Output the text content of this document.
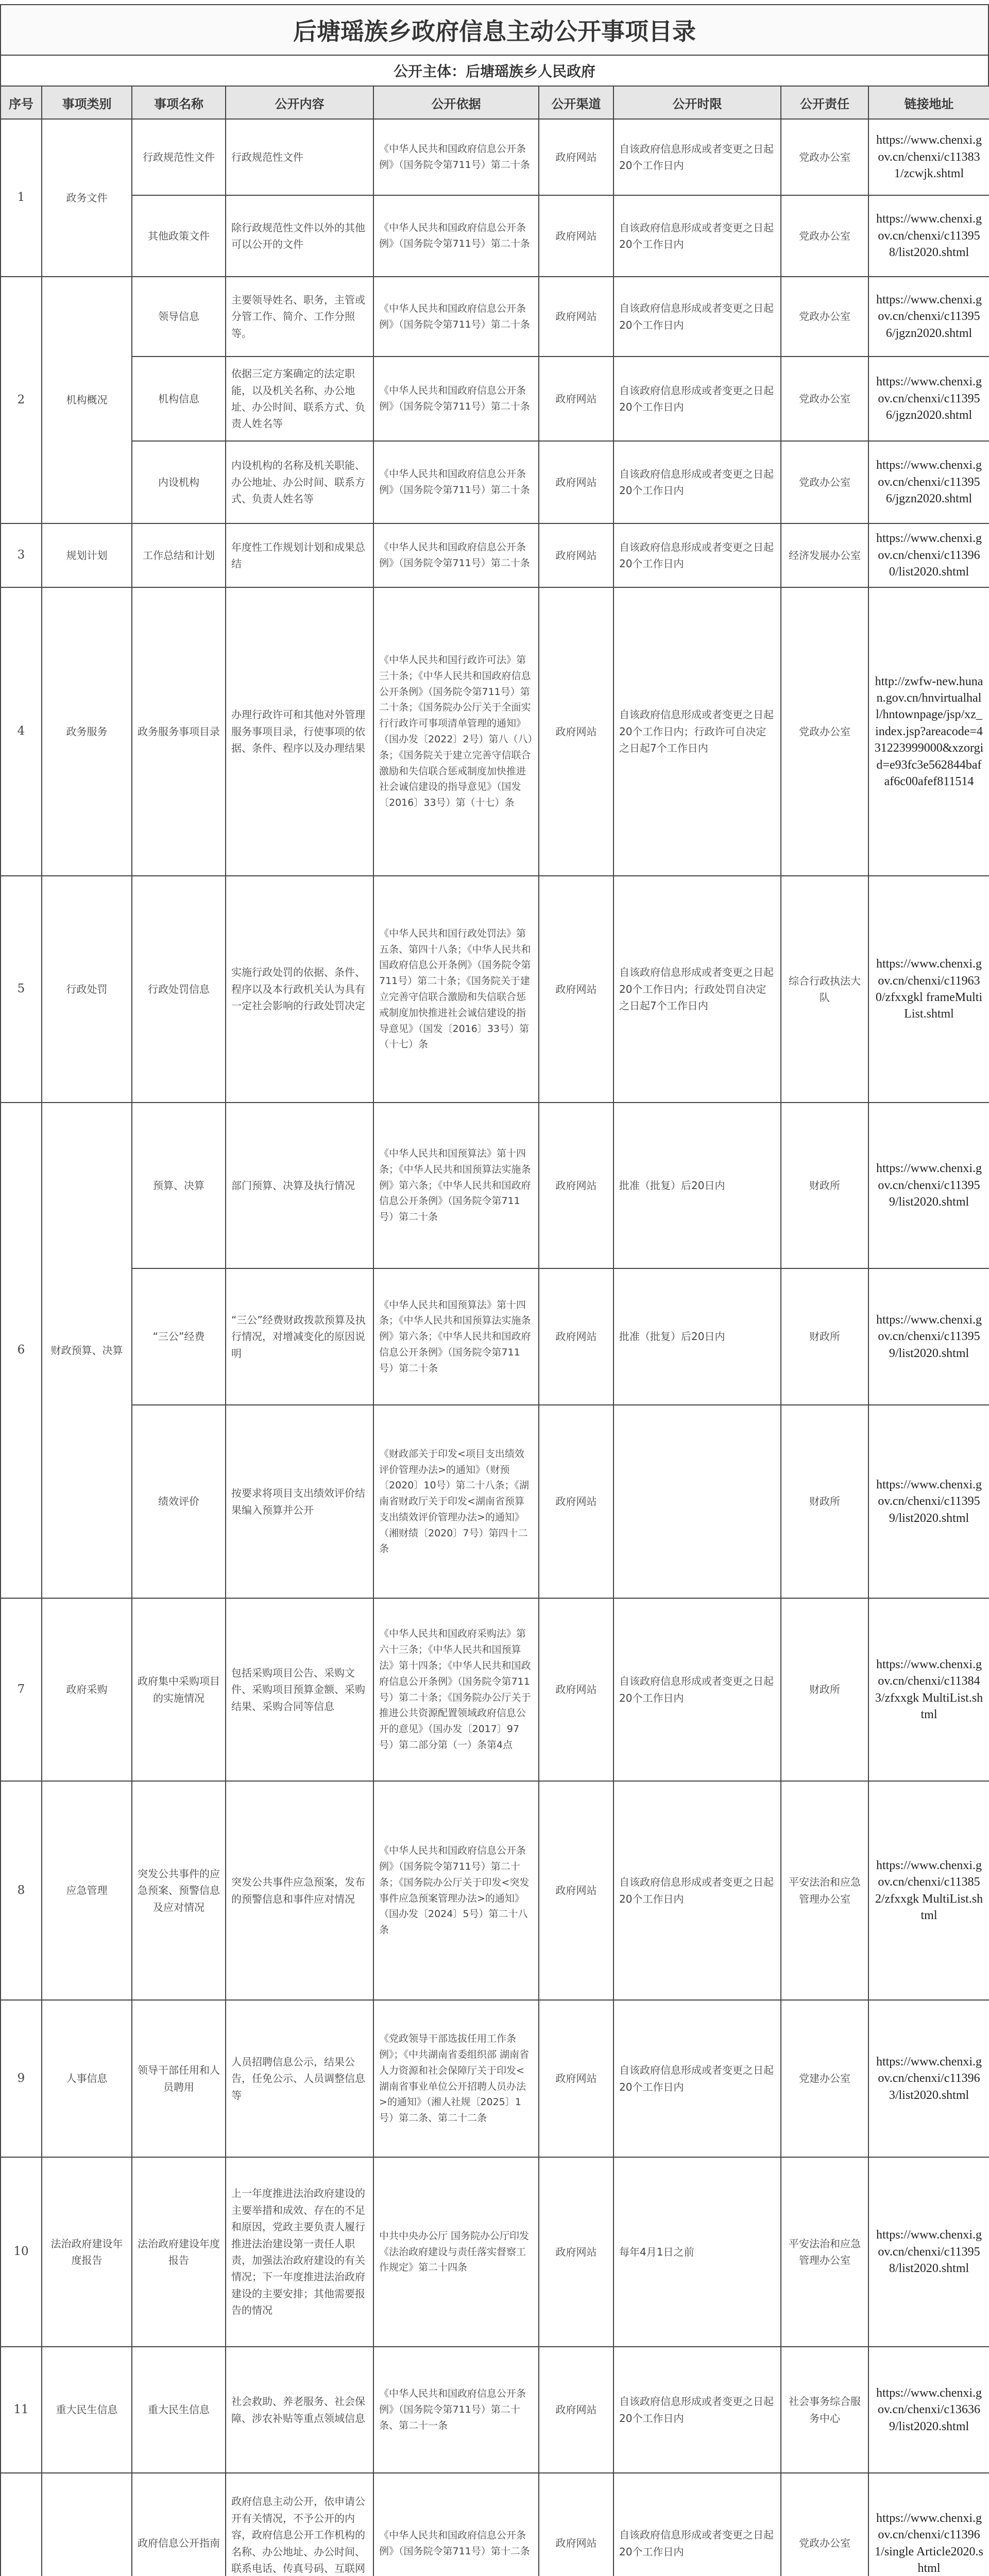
后塘瑶族乡政府信息主动公开事项目录
公开主体：后塘瑶族乡人民政府
序号	事项类别	事项名称	公开内容	公开依据	公开渠道	公开时限	公开责任	链接地址
1	政务文件	行政规范性文件	行政规范性文件	《中华人民共和国政府信息公开条例》（国务院令第711号）第二十条	政府网站	自该政府信息形成或者变更之日起20个工作日内	党政办公室	https://www.chenxi.gov.cn/chenxi/c113831/zcwjk.shtml
		其他政策文件	除行政规范性文件以外的其他可以公开的文件	《中华人民共和国政府信息公开条例》（国务院令第711号）第二十条	政府网站	自该政府信息形成或者变更之日起20个工作日内	党政办公室	https://www.chenxi.gov.cn/chenxi/c113958/list2020.shtml
2	机构概况	领导信息	主要领导姓名、职务，主管或分管工作、简介、工作分照等。	《中华人民共和国政府信息公开条例》（国务院令第711号）第二十条	政府网站	自该政府信息形成或者变更之日起20个工作日内	党政办公室	https://www.chenxi.gov.cn/chenxi/c113956/jgzn2020.shtml
		机构信息	依据三定方案确定的法定职能，以及机关名称、办公地址、办公时间、联系方式、负责人姓名等	《中华人民共和国政府信息公开条例》（国务院令第711号）第二十条	政府网站	自该政府信息形成或者变更之日起20个工作日内	党政办公室	https://www.chenxi.gov.cn/chenxi/c113956/jgzn2020.shtml
		内设机构	内设机构的名称及机关职能、办公地址、办公时间、联系方式、负责人姓名等	《中华人民共和国政府信息公开条例》（国务院令第711号）第二十条	政府网站	自该政府信息形成或者变更之日起20个工作日内	党政办公室	https://www.chenxi.gov.cn/chenxi/c113956/jgzn2020.shtml
3	规划计划	工作总结和计划	年度性工作规划计划和成果总结	《中华人民共和国政府信息公开条例》（国务院令第711号）第二十条	政府网站	自该政府信息形成或者变更之日起20个工作日内	经济发展办公室	https://www.chenxi.gov.cn/chenxi/c113960/list2020.shtml
4	政务服务	政务服务事项目录	办理行政许可和其他对外管理服务事项目录，行使事项的依据、条件、程序以及办理结果	《中华人民共和国行政许可法》第三十条；《中华人民共和国政府信息公开条例》（国务院令第711号）第二十条；《国务院办公厅关于全面实行行政许可事项清单管理的通知》（国办发〔2022〕2号）第八（八）条；《国务院关于建立完善守信联合激励和失信联合惩戒制度加快推进社会诚信建设的指导意见》（国发〔2016〕33号）第（十七）条	政府网站	自该政府信息形成或者变更之日起20个工作日内；行政许可自决定之日起7个工作日内	党政办公室	http://zwfw-new.hunan.gov.cn/hnvirtualhall/hntownpage/jsp/xz_index.jsp?areacode=431223999000&xzorgid=e93fc3e562844baf af6c00afef811514
5	行政处罚	行政处罚信息	实施行政处罚的依据、条件、程序以及本行政机关认为具有一定社会影响的行政处罚决定	《中华人民共和国行政处罚法》第五条、第四十八条；《中华人民共和国政府信息公开条例》（国务院令第711号）第二十条；《国务院关于建立完善守信联合激励和失信联合惩戒制度加快推进社会诚信建设的指导意见》（国发〔2016〕33号）第（十七）条	政府网站	自该政府信息形成或者变更之日起20个工作日内；行政处罚自决定之日起7个工作日内	综合行政执法大队	https://www.chenxi.gov.cn/chenxi/c119630/zfxxgkl frameMultiList.shtml
6	财政预算、决算	预算、决算	部门预算、决算及执行情况	《中华人民共和国预算法》第十四条；《中华人民共和国预算法实施条例》第六条；《中华人民共和国政府信息公开条例》（国务院令第711号）第二十条	政府网站	批准（批复）后20日内	财政所	https://www.chenxi.gov.cn/chenxi/c113959/list2020.shtml
		“三公”经费	“三公”经费财政拨款预算及执行情况，对增减变化的原因说明	《中华人民共和国预算法》第十四条；《中华人民共和国预算法实施条例》第六条；《中华人民共和国政府信息公开条例》（国务院令第711号）第二十条	政府网站	批准（批复）后20日内	财政所	https://www.chenxi.gov.cn/chenxi/c113959/list2020.shtml
		绩效评价	按要求将项目支出绩效评价结果编入预算并公开	《财政部关于印发<项目支出绩效评价管理办法>的通知》（财预〔2020〕10号）第二十八条；《湖南省财政厅关于印发<湖南省预算支出绩效评价管理办法>的通知》（湘财绩〔2020〕7号）第四十二条	政府网站		财政所	https://www.chenxi.gov.cn/chenxi/c113959/list2020.shtml
7	政府采购	政府集中采购项目的实施情况	包括采购项目公告、采购文件、采购项目预算金额、采购结果、采购合同等信息	《中华人民共和国政府采购法》第六十三条；《中华人民共和国预算法》第十四条；《中华人民共和国政府信息公开条例》（国务院令第711号）第二十条；《国务院办公厅关于推进公共资源配置领域政府信息公开的意见》（国办发〔2017〕97号）第二部分第（一）条第4点	政府网站	自该政府信息形成或者变更之日起20个工作日内	财政所	https://www.chenxi.gov.cn/chenxi/c113843/zfxxgk MultiList.shtml
8	应急管理	突发公共事件的应急预案、预警信息及应对情况	突发公共事件应急预案，发布的预警信息和事件应对情况	《中华人民共和国政府信息公开条例》（国务院令第711号）第二十条；《国务院办公厅关于印发<突发事件应急预案管理办法>的通知》（国办发〔2024〕5号）第二十八条	政府网站	自该政府信息形成或者变更之日起20个工作日内	平安法治和应急管理办公室	https://www.chenxi.gov.cn/chenxi/c113852/zfxxgk MultiList.shtml
9	人事信息	领导干部任用和人员聘用	人员招聘信息公示，结果公告，任免公示、人员调整信息等	《党政领导干部选拔任用工作条例》；《中共湖南省委组织部 湖南省人力资源和社会保障厅关于印发<湖南省事业单位公开招聘人员办法>的通知》（湘人社规〔2025〕1号）第二条、第二十二条	政府网站	自该政府信息形成或者变更之日起20个工作日内	党建办公室	https://www.chenxi.gov.cn/chenxi/c113963/list2020.shtml
10	法治政府建设年度报告	法治政府建设年度报告	上一年度推进法治政府建设的主要举措和成效、存在的不足和原因，党政主要负责人履行推进法治建设第一责任人职责，加强法治政府建设的有关情况；下一年度推进法治政府建设的主要安排；其他需要报告的情况	中共中央办公厅 国务院办公厅印发《法治政府建设与责任落实督察工作规定》第二十四条	政府网站	每年4月1日之前	平安法治和应急管理办公室	https://www.chenxi.gov.cn/chenxi/c113958/list2020.shtml
11	重大民生信息	重大民生信息	社会救助、养老服务、社会保障、涉农补贴等重点领域信息	《中华人民共和国政府信息公开条例》（国务院令第711号）第二十条、第二十一条	政府网站	自该政府信息形成或者变更之日起20个工作日内	社会事务综合服务中心	https://www.chenxi.gov.cn/chenxi/c136369/list2020.shtml
		政府信息公开指南	政府信息主动公开，依申请公开有关情况，不予公开的内容，政府信息公开工作机构的名称、办公地址、办公时间、联系电话、传真号码、互联网	《中华人民共和国政府信息公开条例》（国务院令第711号）第十二条	政府网站	自该政府信息形成或者变更之日起20个工作日内	党政办公室	https://www.chenxi.gov.cn/chenxi/c113961/single Article2020.shtml
